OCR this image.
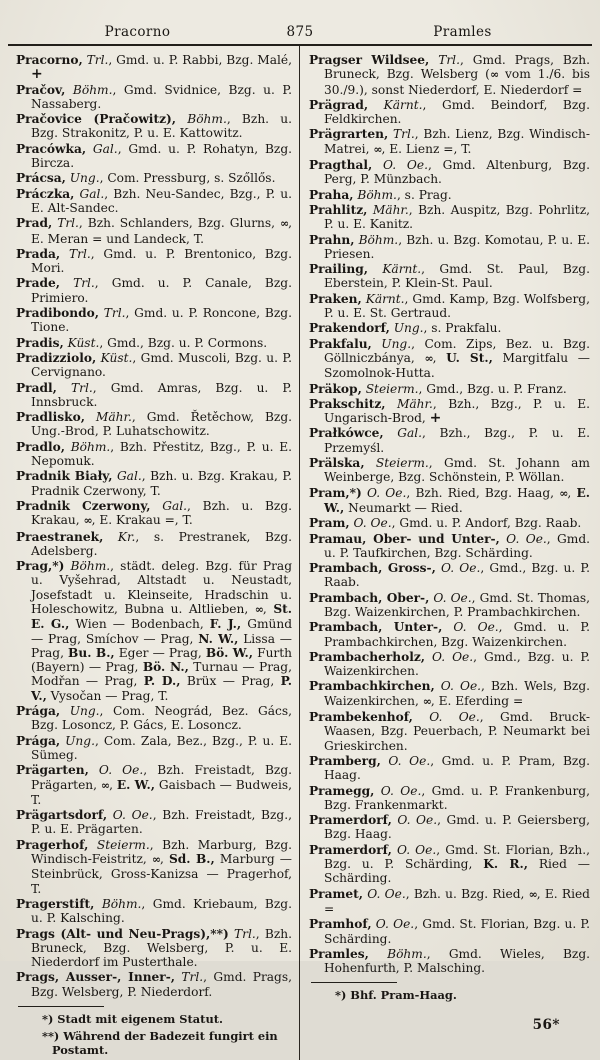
Pracorno	875	Pramles

Pracorno, Trl., Gmd. u. P. Rabbi, Bzg. Malé, +

Pračov, Böhm., Gmd. Svidnice, Bzg. u. P. Nassaberg.

Pračovice (Pračowitz), Böhm., Bzh. u. Bzg. Strakonitz, P. u. E. Kattowitz.

Pracówka, Gal., Gmd. u. P. Rohatyn, Bzg. Bircza.

Prácsa, Ung., Com. Pressburg, s. Szőllős.

Práczka, Gal., Bzh. Neu-Sandec, Bzg., P. u. E. Alt-Sandec.

Prad, Trl., Bzh. Schlanders, Bzg. Glurns, ∞, E. Meran = und Landeck, T.

Prada, Trl., Gmd. u. P. Brentonico, Bzg. Mori.

Prade, Trl., Gmd. u. P. Canale, Bzg. Primiero.

Pradibondo, Trl., Gmd. u. P. Roncone, Bzg. Tione.

Pradis, Küst., Gmd., Bzg. u. P. Cormons.

Pradizziolo, Küst., Gmd. Muscoli, Bzg. u. P. Cervignano.

Pradl, Trl., Gmd. Amras, Bzg. u. P. Innsbruck.

Pradlisko, Mähr., Gmd. Řetěchow, Bzg. Ung.-Brod, P. Luhatschowitz.

Pradlo, Böhm., Bzh. Přestitz, Bzg., P. u. E. Nepomuk.

Pradnik Biały, Gal., Bzh. u. Bzg. Krakau, P. Pradnik Czerwony, T.

Pradnik Czerwony, Gal., Bzh. u. Bzg. Krakau, ∞, E. Krakau =, T.

Praestranek, Kr., s. Prestranek, Bzg. Adelsberg.

Prag,*) Böhm., städt. deleg. Bzg. für Prag u. Vyšehrad, Altstadt u. Neustadt, Josefstadt u. Kleinseite, Hradschin u. Holeschowitz, Bubna u. Altlieben, ∞, St. E. G., Wien — Bodenbach, F. J., Gmünd — Prag, Smíchov — Prag, N. W., Lissa — Prag, Bu. B., Eger — Prag, Bö. W., Furth (Bayern) — Prag, Bö. N., Turnau — Prag, Modřan — Prag, P. D., Brüx — Prag, P. V., Vysočan — Prag, T.

Prága, Ung., Com. Neográd, Bez. Gács, Bzg. Losoncz, P. Gács, E. Losoncz.

Prága, Ung., Com. Zala, Bez., Bzg., P. u. E. Sümeg.

Prägarten, O. Oe., Bzh. Freistadt, Bzg. Prägarten, ∞, E. W., Gaisbach — Budweis, T.

Prägartsdorf, O. Oe., Bzh. Freistadt, Bzg., P. u. E. Prägarten.

Pragerhof, Steierm., Bzh. Marburg, Bzg. Windisch-Feistritz, ∞, Sd. B., Marburg — Steinbrück, Gross-Kanizsa — Pragerhof, T.

Pragerstift, Böhm., Gmd. Kriebaum, Bzg. u. P. Kalsching.

Prags (Alt- und Neu-Prags),**) Trl., Bzh. Bruneck, Bzg. Welsberg, P. u. E. Niederdorf im Pusterthale.

Prags, Ausser-, Inner-, Trl., Gmd. Prags, Bzg. Welsberg, P. Niederdorf.

*) Stadt mit eigenem Statut.

**) Während der Badezeit fungirt ein Postamt.

Pragser Wildsee, Trl., Gmd. Prags, Bzh. Bruneck, Bzg. Welsberg (∞ vom 1./6. bis 30./9.), sonst Niederdorf, E. Niederdorf =

Prägrad, Kärnt., Gmd. Beindorf, Bzg. Feldkirchen.

Prägrarten, Trl., Bzh. Lienz, Bzg. Windisch-Matrei, ∞, E. Lienz =, T.

Pragthal, O. Oe., Gmd. Altenburg, Bzg. Perg, P. Münzbach.

Praha, Böhm., s. Prag.

Prahlitz, Mähr., Bzh. Auspitz, Bzg. Pohrlitz, P. u. E. Kanitz.

Prahn, Böhm., Bzh. u. Bzg. Komotau, P. u. E. Priesen.

Prailing, Kärnt., Gmd. St. Paul, Bzg. Eberstein, P. Klein-St. Paul.

Praken, Kärnt., Gmd. Kamp, Bzg. Wolfsberg, P. u. E. St. Gertraud.

Prakendorf, Ung., s. Prakfalu.

Prakfalu, Ung., Com. Zips, Bez. u. Bzg. Göllniczbánya, ∞, U. St., Margitfalu — Szomolnok-Hutta.

Präkop, Steierm., Gmd., Bzg. u. P. Franz.

Prakschitz, Mähr., Bzh., Bzg., P. u. E. Ungarisch-Brod, +

Prałkówce, Gal., Bzh., Bzg., P. u. E. Przemyśl.

Prälska, Steierm., Gmd. St. Johann am Weinberge, Bzg. Schönstein, P. Wöllan.

Pram,*) O. Oe., Bzh. Ried, Bzg. Haag, ∞, E. W., Neumarkt — Ried.

Pram, O. Oe., Gmd. u. P. Andorf, Bzg. Raab.

Pramau, Ober- und Unter-, O. Oe., Gmd. u. P. Taufkirchen, Bzg. Schärding.

Prambach, Gross-, O. Oe., Gmd., Bzg. u. P. Raab.

Prambach, Ober-, O. Oe., Gmd. St. Thomas, Bzg. Waizenkirchen, P. Prambachkirchen.

Prambach, Unter-, O. Oe., Gmd. u. P. Prambachkirchen, Bzg. Waizenkirchen.

Prambacherholz, O. Oe., Gmd., Bzg. u. P. Waizenkirchen.

Prambachkirchen, O. Oe., Bzh. Wels, Bzg. Waizenkirchen, ∞, E. Eferding =

Prambekenhof, O. Oe., Gmd. Bruck-Waasen, Bzg. Peuerbach, P. Neumarkt bei Grieskirchen.

Pramberg, O. Oe., Gmd. u. P. Pram, Bzg. Haag.

Pramegg, O. Oe., Gmd. u. P. Frankenburg, Bzg. Frankenmarkt.

Pramerdorf, O. Oe., Gmd. u. P. Geiersberg, Bzg. Haag.

Pramerdorf, O. Oe., Gmd. St. Florian, Bzh., Bzg. u. P. Schärding, K. R., Ried — Schärding.

Pramet, O. Oe., Bzh. u. Bzg. Ried, ∞, E. Ried =

Pramhof, O. Oe., Gmd. St. Florian, Bzg. u. P. Schärding.

Pramles, Böhm., Gmd. Wieles, Bzg. Hohenfurth, P. Malsching.

*) Bhf. Pram-Haag.

56*
